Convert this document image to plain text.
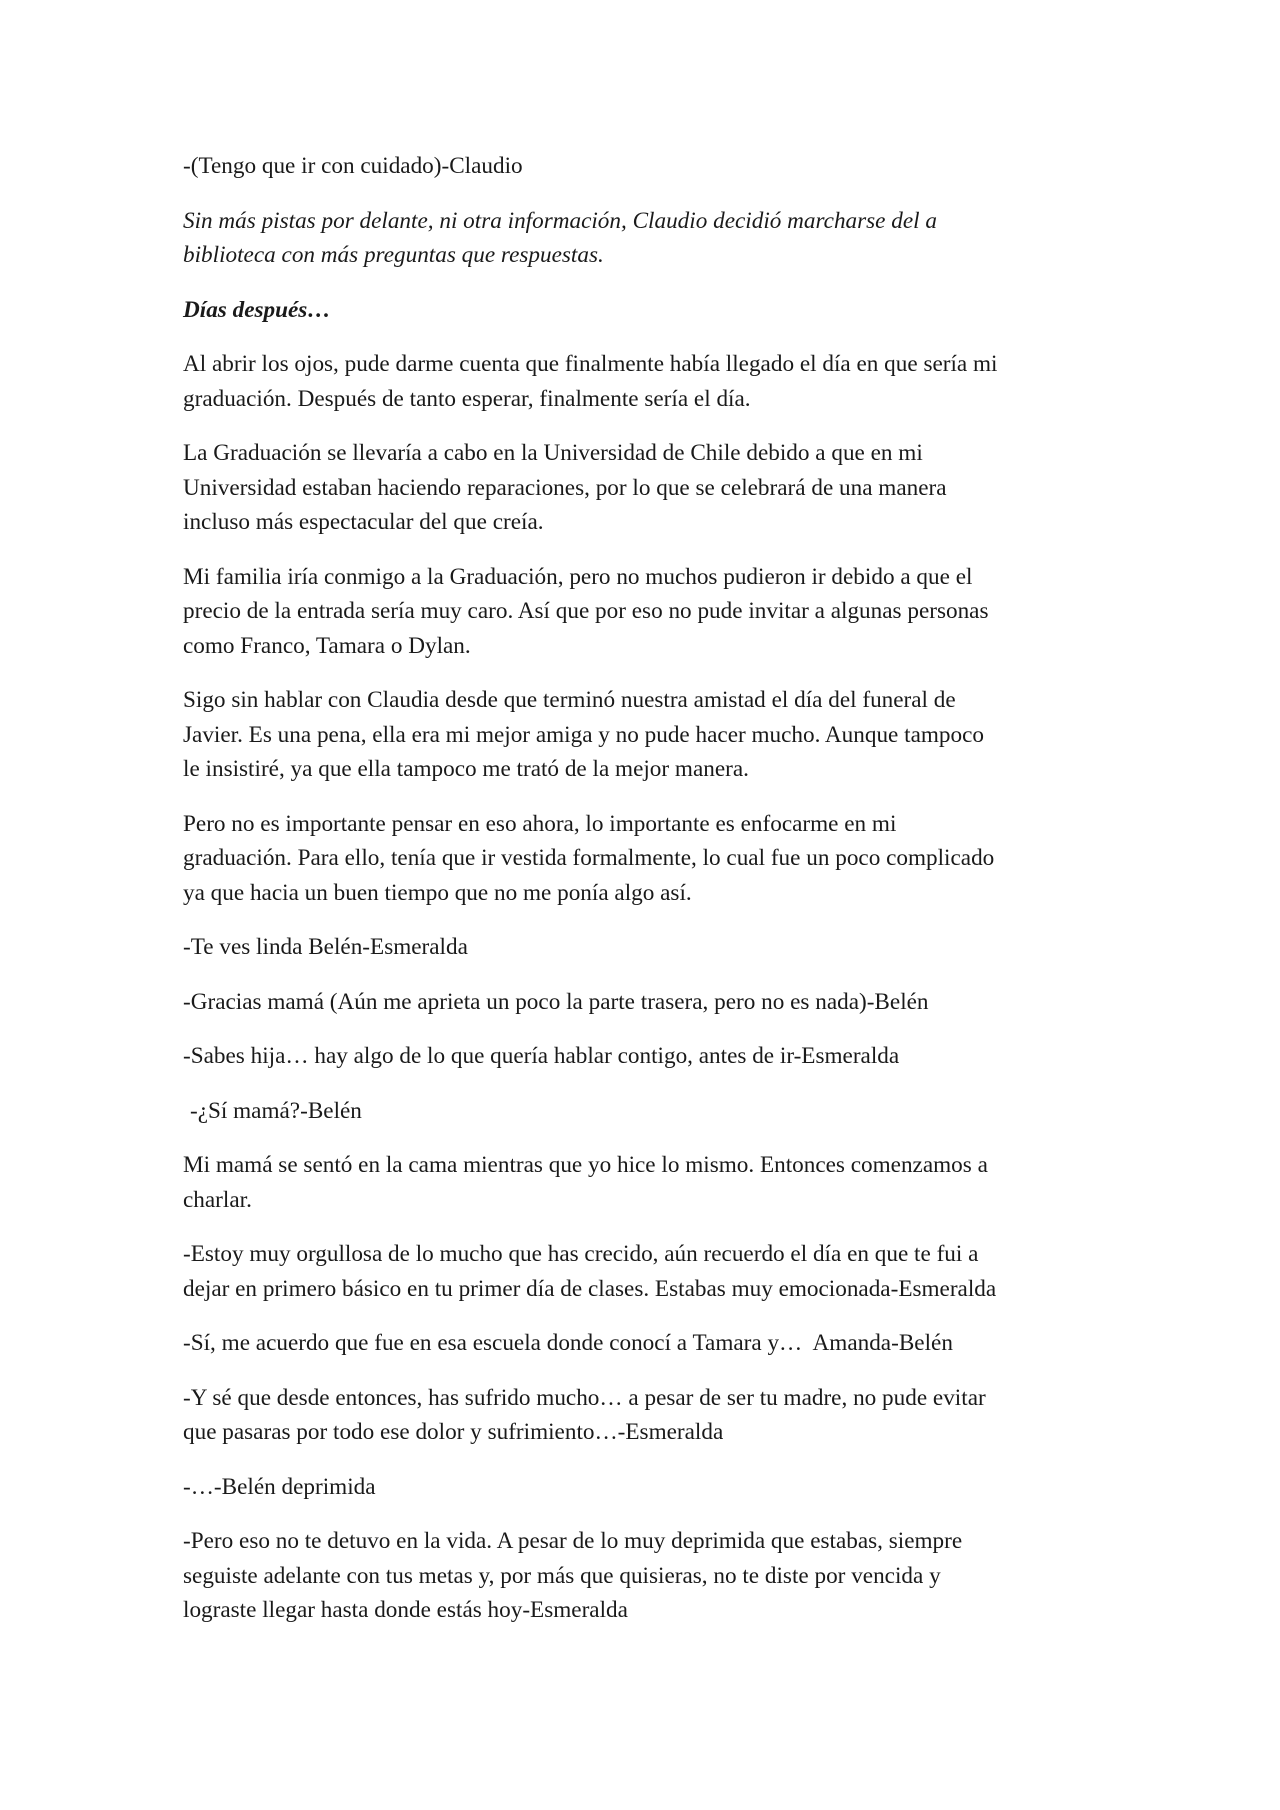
-(Tengo que ir con cuidado)-Claudio

Sin más pistas por delante, ni otra información, Claudio decidió marcharse del a
biblioteca con más preguntas que respuestas.

Días después…

Al abrir los ojos, pude darme cuenta que finalmente había llegado el día en que sería mi
graduación. Después de tanto esperar, finalmente sería el día.

La Graduación se llevaría a cabo en la Universidad de Chile debido a que en mi
Universidad estaban haciendo reparaciones, por lo que se celebrará de una manera
incluso más espectacular del que creía.

Mi familia iría conmigo a la Graduación, pero no muchos pudieron ir debido a que el
precio de la entrada sería muy caro. Así que por eso no pude invitar a algunas personas
como Franco, Tamara o Dylan.

Sigo sin hablar con Claudia desde que terminó nuestra amistad el día del funeral de
Javier. Es una pena, ella era mi mejor amiga y no pude hacer mucho. Aunque tampoco
le insistiré, ya que ella tampoco me trató de la mejor manera.

Pero no es importante pensar en eso ahora, lo importante es enfocarme en mi
graduación. Para ello, tenía que ir vestida formalmente, lo cual fue un poco complicado
ya que hacia un buen tiempo que no me ponía algo así.

-Te ves linda Belén-Esmeralda

-Gracias mamá (Aún me aprieta un poco la parte trasera, pero no es nada)-Belén

-Sabes hija… hay algo de lo que quería hablar contigo, antes de ir-Esmeralda

-¿Sí mamá?-Belén

Mi mamá se sentó en la cama mientras que yo hice lo mismo. Entonces comenzamos a
charlar.

-Estoy muy orgullosa de lo mucho que has crecido, aún recuerdo el día en que te fui a
dejar en primero básico en tu primer día de clases. Estabas muy emocionada-Esmeralda

-Sí, me acuerdo que fue en esa escuela donde conocí a Tamara y…  Amanda-Belén

-Y sé que desde entonces, has sufrido mucho… a pesar de ser tu madre, no pude evitar
que pasaras por todo ese dolor y sufrimiento…-Esmeralda

-…-Belén deprimida

-Pero eso no te detuvo en la vida. A pesar de lo muy deprimida que estabas, siempre
seguiste adelante con tus metas y, por más que quisieras, no te diste por vencida y
lograste llegar hasta donde estás hoy-Esmeralda
